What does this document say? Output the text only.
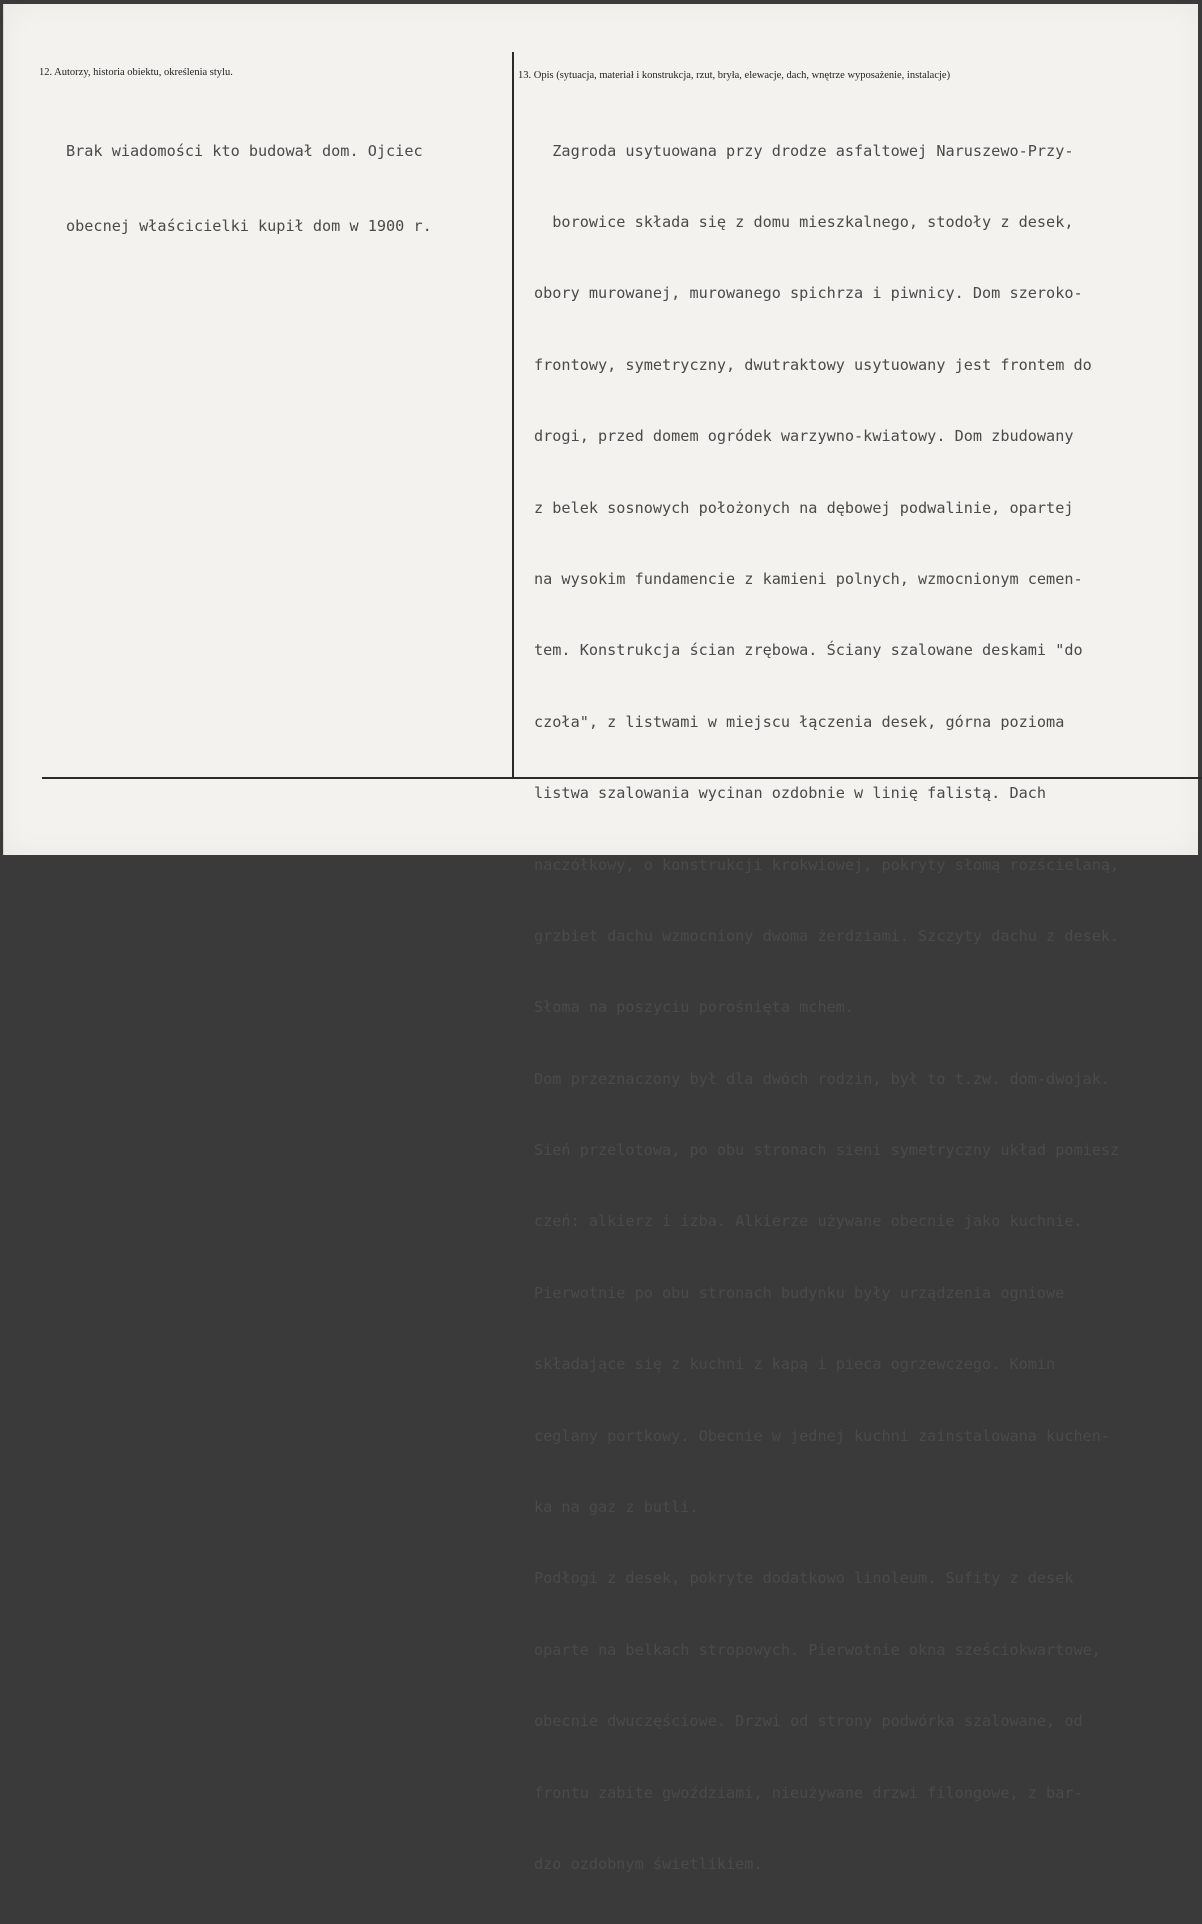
12. Autorzy, historia obiektu, określenia stylu.	13. Opis (sytuacja, materiał i konstrukcja, rzut, bryła, elewacje, dach, wnętrze wyposażenie, instalacje)

Brak wiadomości kto budował dom. Ojciec

obecnej właścicielki kupił dom w 1900 r.

Zagroda usytuowana przy drodze asfaltowej Naruszewo-Przy-

borowice składa się z domu mieszkalnego, stodoły z desek,

obory murowanej, murowanego spichrza i piwnicy. Dom szeroko-

frontowy, symetryczny, dwutraktowy usytuowany jest frontem do

drogi, przed domem ogródek warzywno-kwiatowy. Dom zbudowany

z belek sosnowych położonych na dębowej podwalinie, opartej

na wysokim fundamencie z kamieni polnych, wzmocnionym cemen-

tem. Konstrukcja ścian zrębowa. Ściany szalowane deskami "do

czoła", z listwami w miejscu łączenia desek, górna pozioma

listwa szalowania wycinan ozdobnie w linię falistą. Dach

naczółkowy, o konstrukcji krokwiowej, pokryty słomą rozścielaną,

grzbiet dachu wzmocniony dwoma żerdziami. Szczyty dachu z desek.

Słoma na poszyciu porośnięta mchem.

Dom przeznaczony był dla dwóch rodzin, był to t.zw. dom-dwojak.

Sień przelotowa, po obu stronach sieni symetryczny układ pomiesz

czeń: alkierz i izba. Alkierze używane obecnie jako kuchnie.

Pierwotnie po obu stronach budynku były urządzenia ogniowe

składające się z kuchni z kapą i pieca ogrzewczego. Komin

ceglany portkowy. Obecnie w jednej kuchni zainstalowana kuchen-

ka na gaz z butli.

Podłogi z desek, pokryte dodatkowo linoleum. Sufity z desek

oparte na belkach stropowych. Pierwotnie okna sześciokwartowe,

obecnie dwuczęściowe. Drzwi od strony podwórka szalowane, od

frontu zabite gwoździami, nieużywane drzwi filongowe, z bar-

dzo ozdobnym świetlikiem.
